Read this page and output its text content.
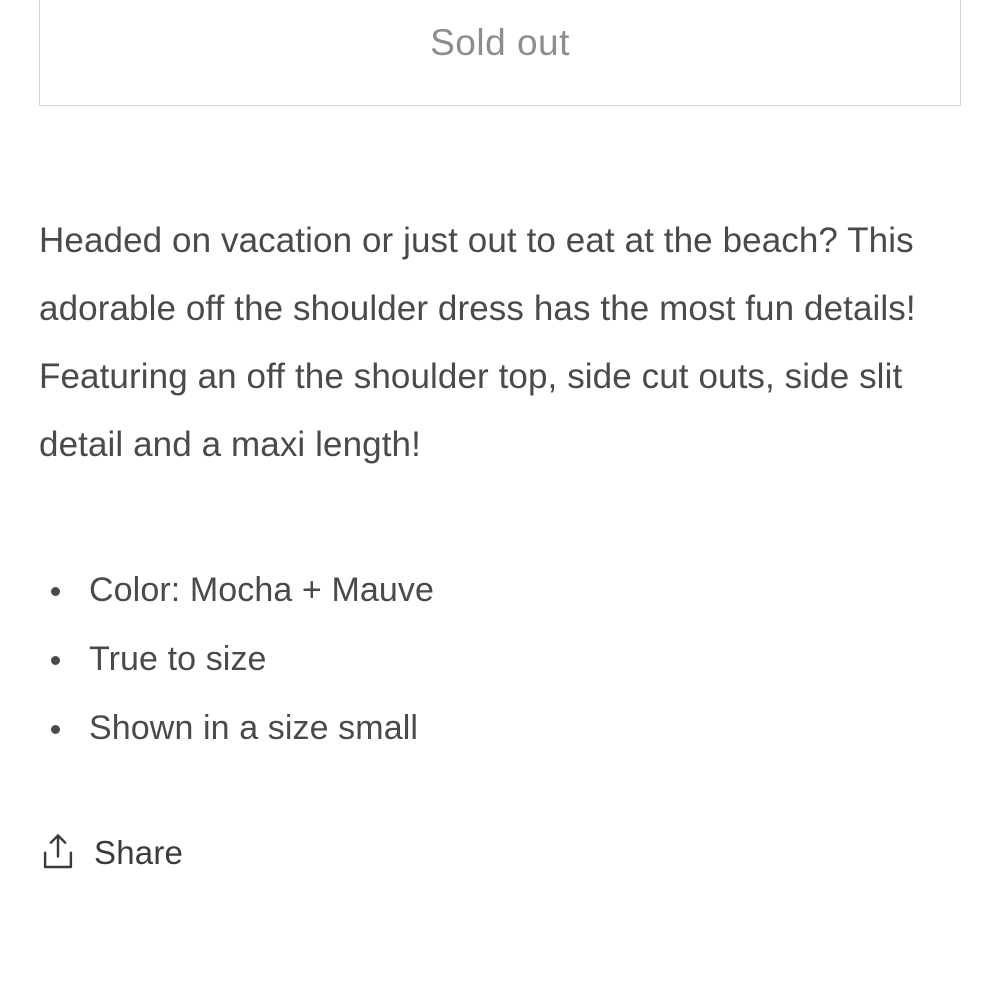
Sold out

Headed on vacation or just out to eat at the beach? This adorable off the shoulder dress has the most fun details! Featuring an off the shoulder top, side cut outs, side slit detail and a maxi length!

Color: Mocha + Mauve
True to size
Shown in a size small
Share
